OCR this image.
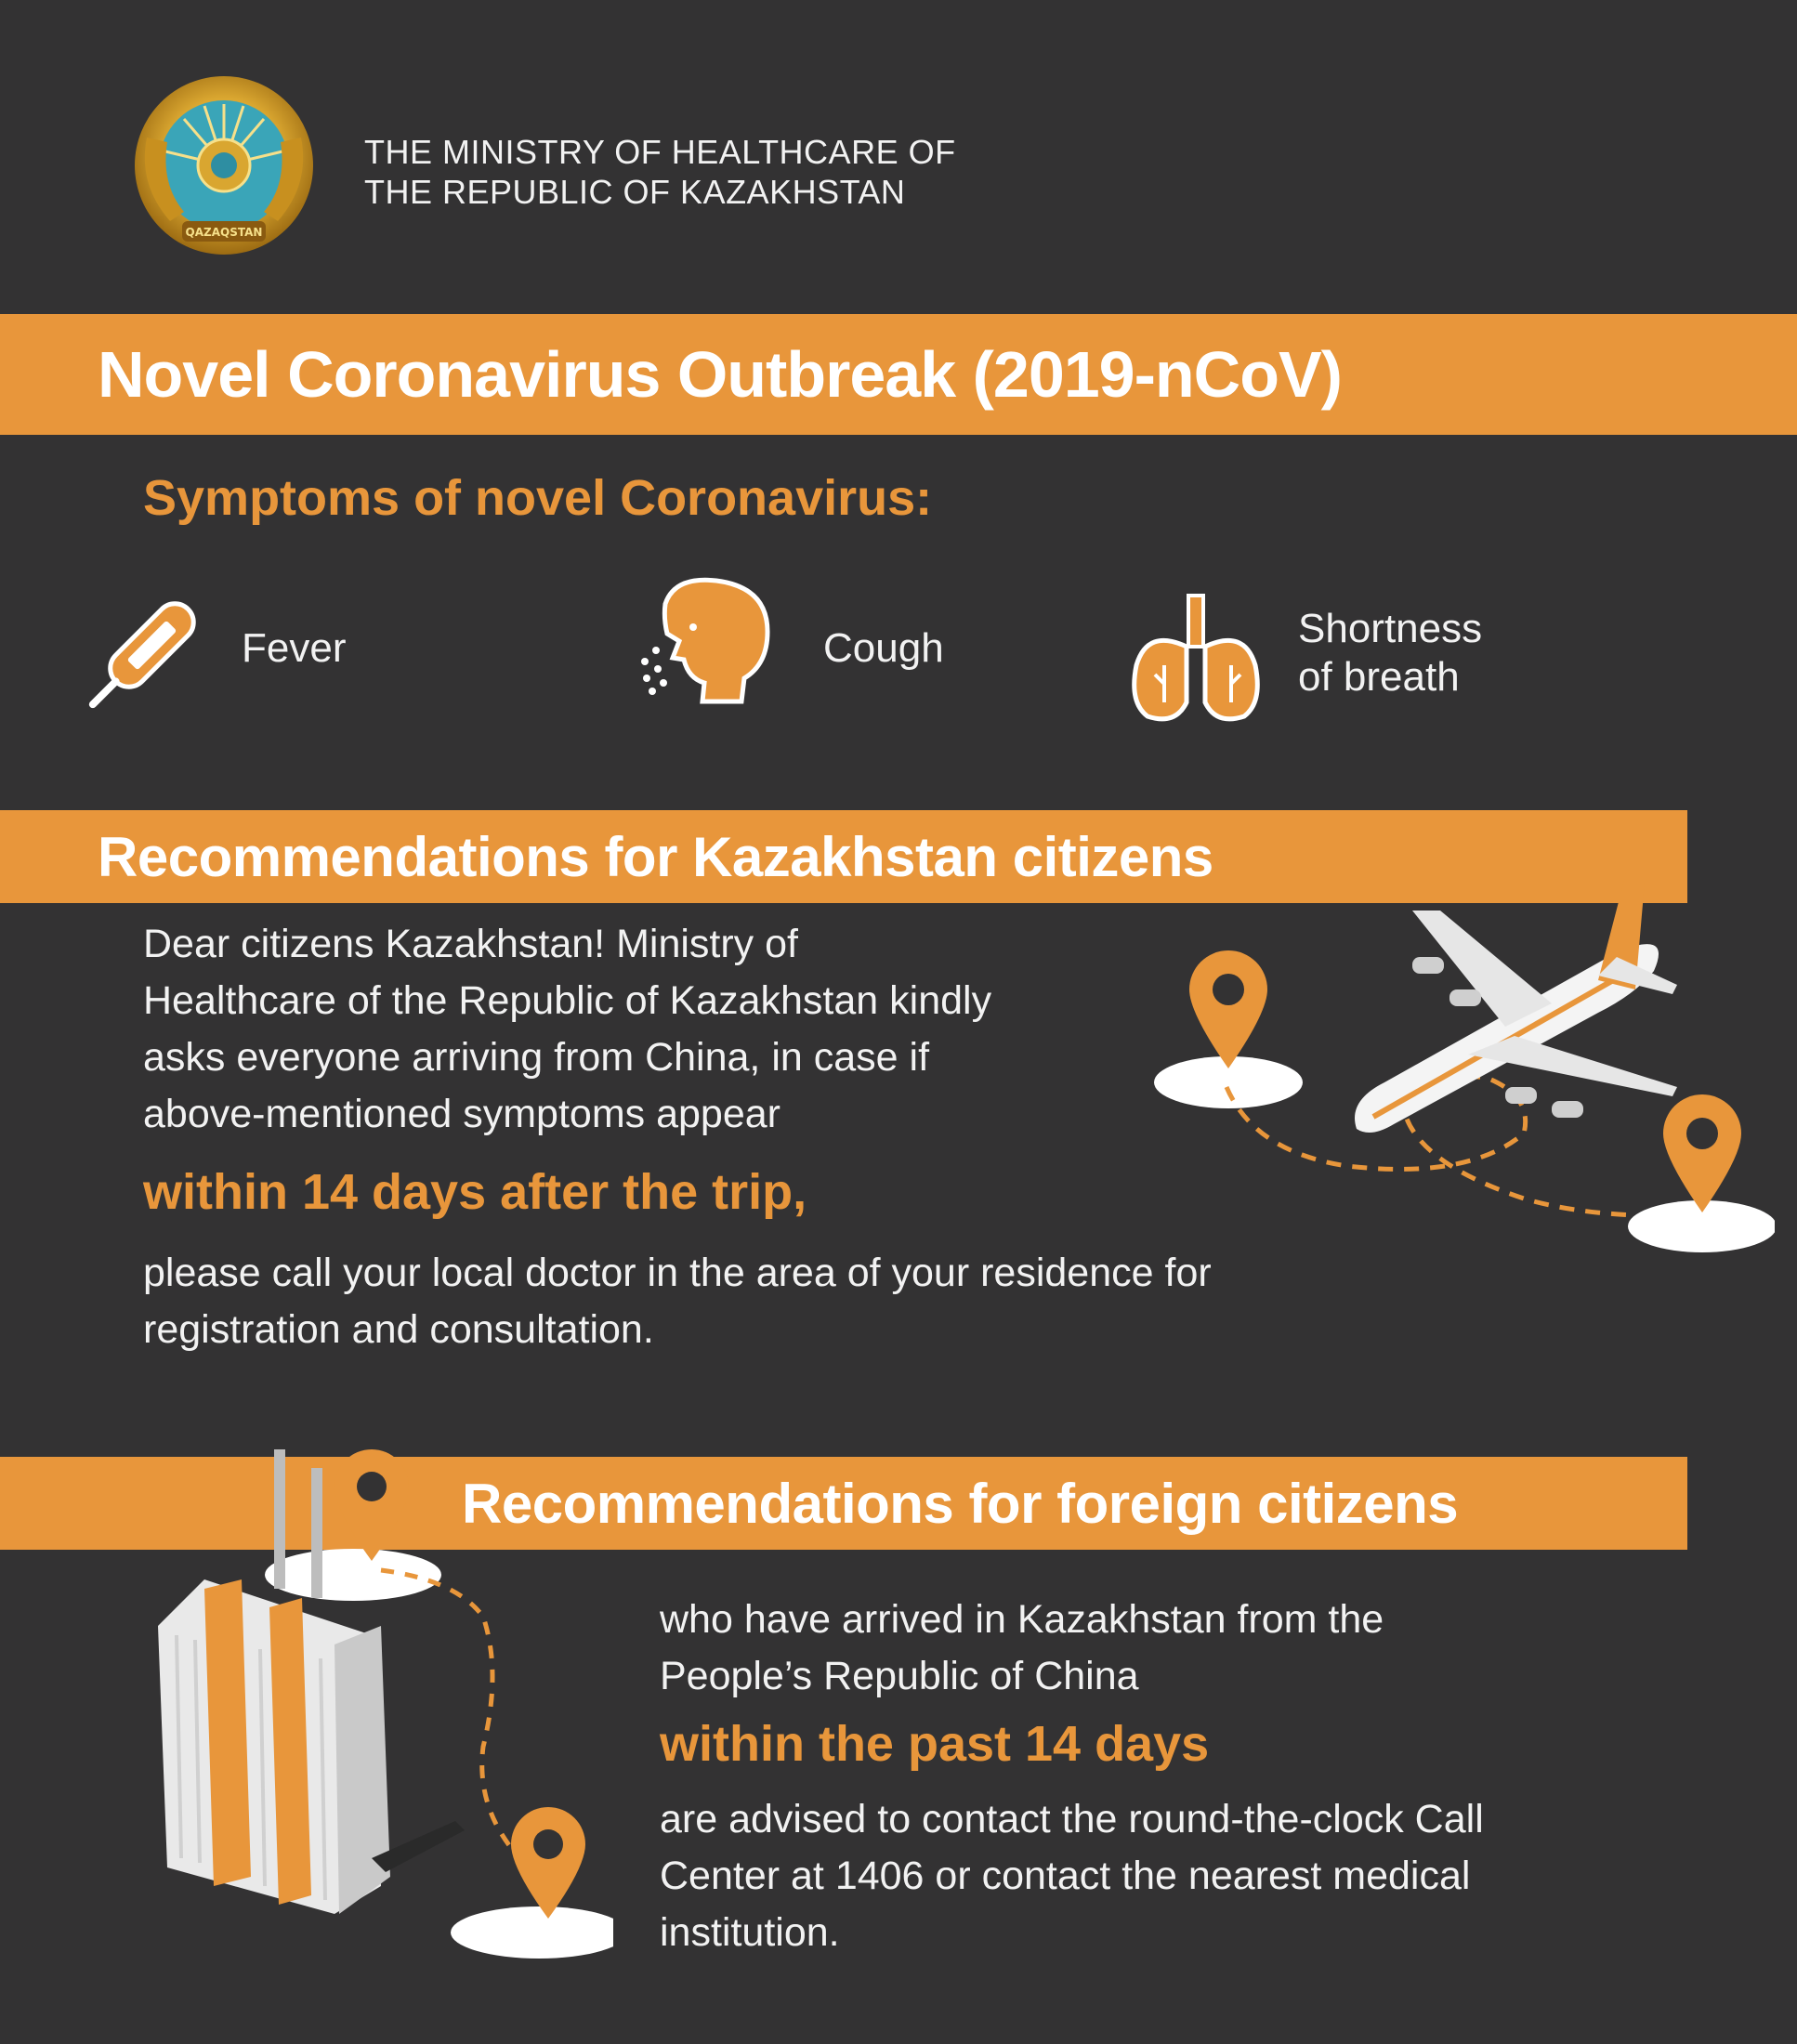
QAZAQSTAN
THE MINISTRY OF HEALTHCARE OF
THE REPUBLIC OF KAZAKHSTAN
Novel Coronavirus Outbreak (2019-nCoV)
Symptoms of novel Coronavirus:
Fever	Cough	Shortness
of breath
Recommendations for Kazakhstan citizens
Dear citizens Kazakhstan! Ministry of
Healthcare of the Republic of Kazakhstan kindly
asks everyone arriving from China, in case if
above-mentioned symptoms appear
within 14 days after the trip,
please call your local doctor in the area of your residence for
registration and consultation.
Recommendations for foreign citizens
who have arrived in Kazakhstan from the
People’s Republic of China
within the past 14 days
are advised to contact the round-the-clock Call
Center at 1406 or contact the nearest medical
institution.
